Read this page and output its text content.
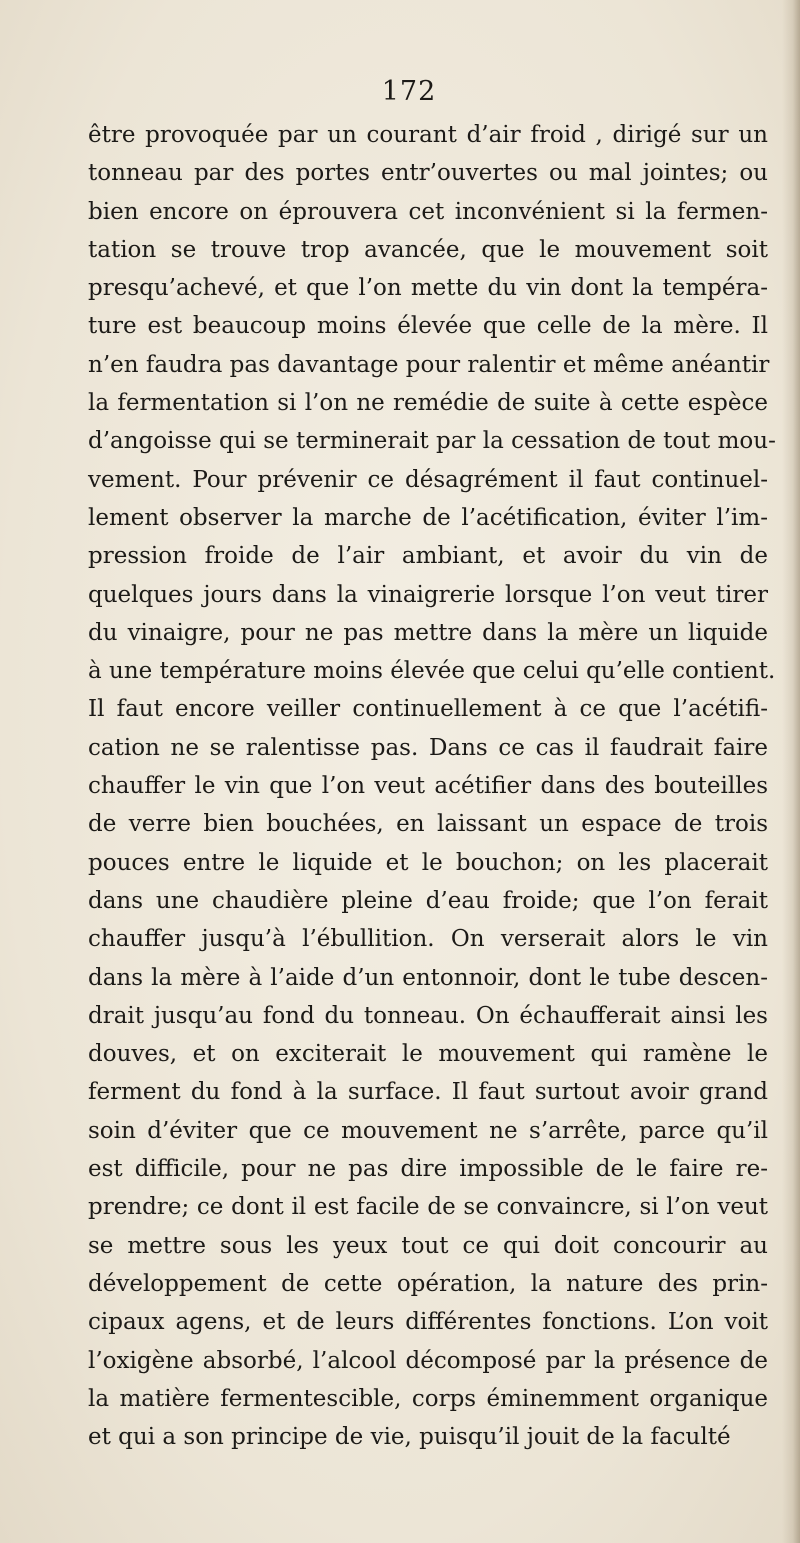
172
être provoquée par un courant d’air froid , dirigé sur un
tonneau par des portes entr’ouvertes ou mal jointes; ou
bien encore on éprouvera cet inconvénient si la fermen-
tation se trouve trop avancée, que le mouvement soit
presqu’achevé, et que l’on mette du vin dont la tempéra-
ture est beaucoup moins élevée que celle de la mère. Il
n’en faudra pas davantage pour ralentir et même anéantir
la fermentation si l’on ne remédie de suite à cette espèce
d’angoisse qui se terminerait par la cessation de tout mou-
vement. Pour prévenir ce désagrément il faut continuel-
lement observer la marche de l’acétification, éviter l’im-
pression froide de l’air ambiant, et avoir du vin de
quelques jours dans la vinaigrerie lorsque l’on veut tirer
du vinaigre, pour ne pas mettre dans la mère un liquide
à une température moins élevée que celui qu’elle contient.
Il faut encore veiller continuellement à ce que l’acétifi-
cation ne se ralentisse pas. Dans ce cas il faudrait faire
chauffer le vin que l’on veut acétifier dans des bouteilles
de verre bien bouchées, en laissant un espace de trois
pouces entre le liquide et le bouchon; on les placerait
dans une chaudière pleine d’eau froide; que l’on ferait
chauffer jusqu’à l’ébullition. On verserait alors le vin
dans la mère à l’aide d’un entonnoir, dont le tube descen-
drait jusqu’au fond du tonneau. On échaufferait ainsi les
douves, et on exciterait le mouvement qui ramène le
ferment du fond à la surface. Il faut surtout avoir grand
soin d’éviter que ce mouvement ne s’arrête, parce qu’il
est difficile, pour ne pas dire impossible de le faire re-
prendre; ce dont il est facile de se convaincre, si l’on veut
se mettre sous les yeux tout ce qui doit concourir au
développement de cette opération, la nature des prin-
cipaux agens, et de leurs différentes fonctions. L’on voit
l’oxigène absorbé, l’alcool décomposé par la présence de
la matière fermentescible, corps éminemment organique
et qui a son principe de vie, puisqu’il jouit de la faculté
